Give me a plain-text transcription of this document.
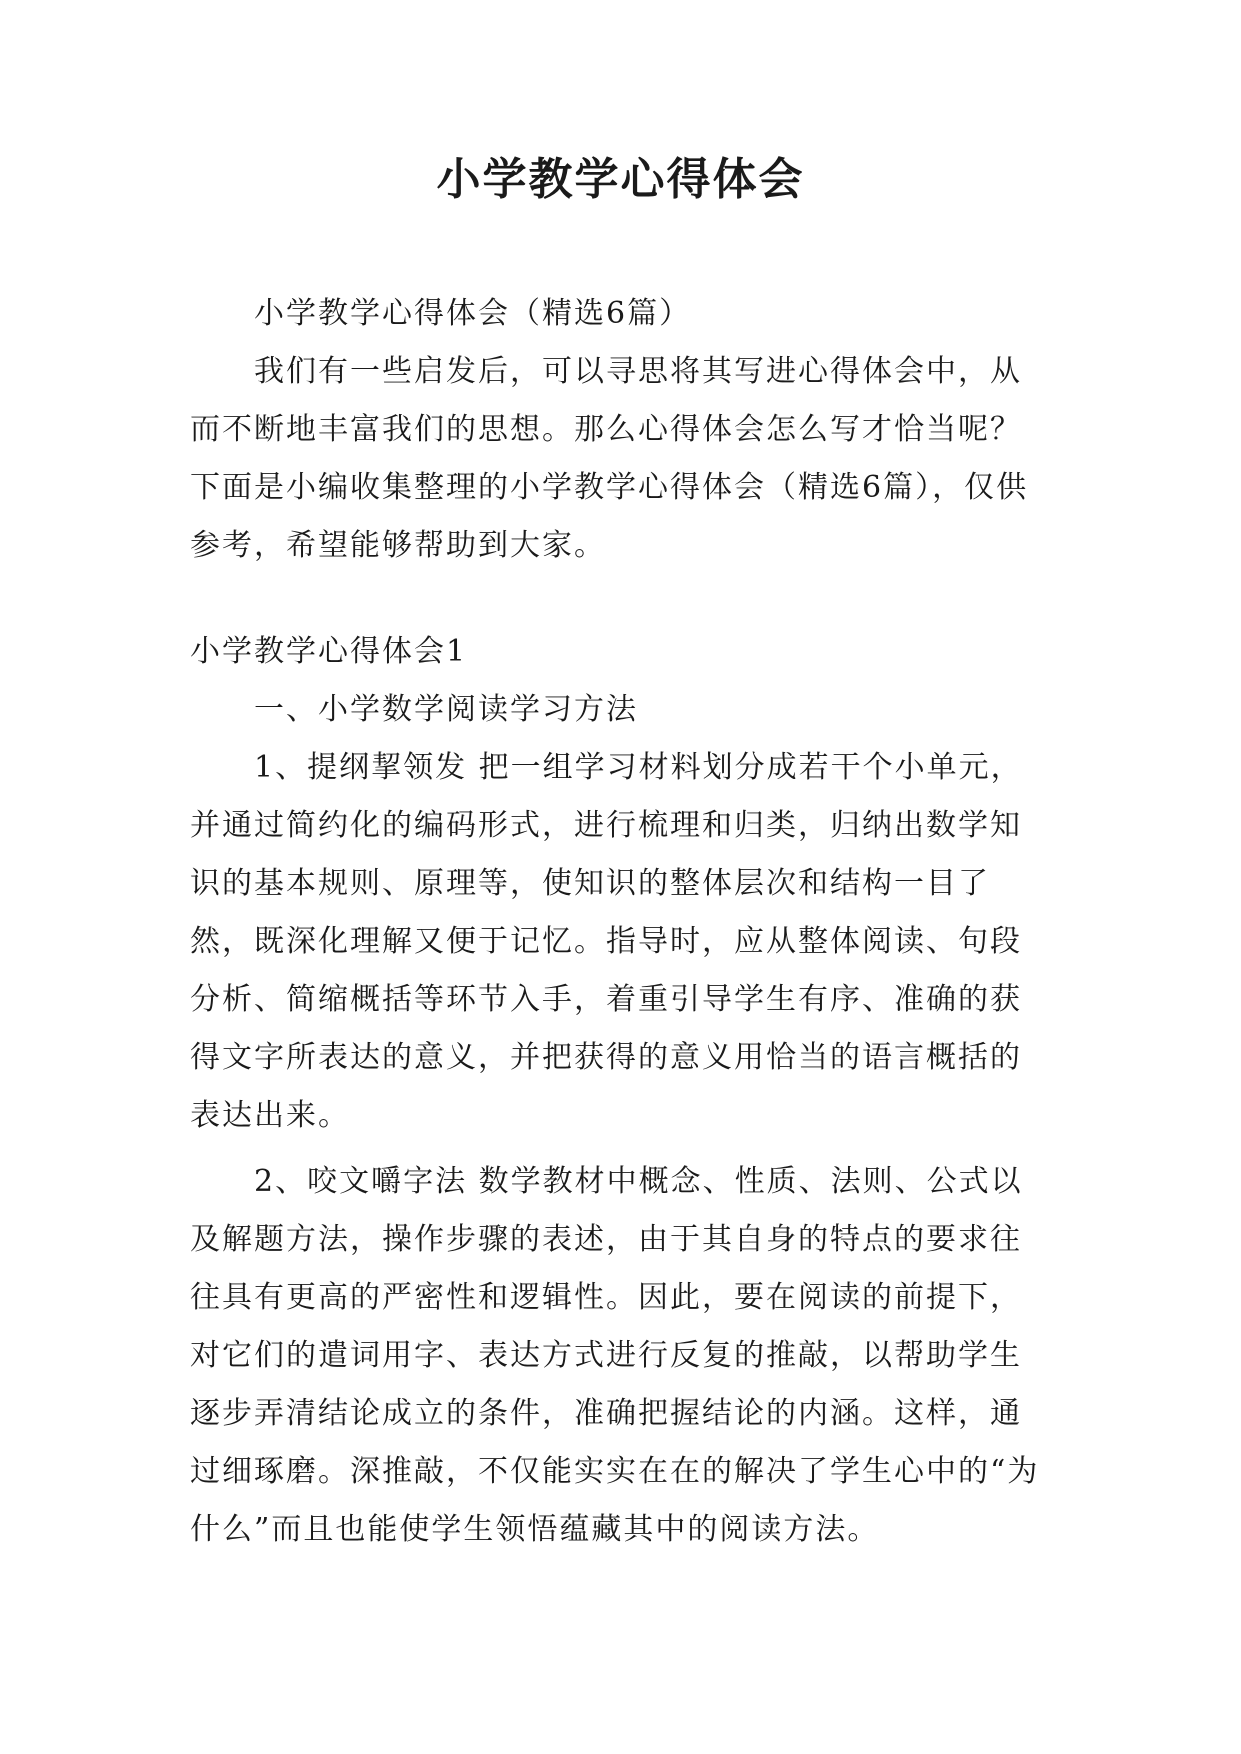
小学教学心得体会

小学教学心得体会（精选6篇）

我们有一些启发后，可以寻思将其写进心得体会中，从而不断地丰富我们的思想。那么心得体会怎么写才恰当呢？下面是小编收集整理的小学教学心得体会（精选6篇），仅供参考，希望能够帮助到大家。

小学教学心得体会1

一、小学数学阅读学习方法

1、提纲挈领发 把一组学习材料划分成若干个小单元，并通过简约化的编码形式，进行梳理和归类，归纳出数学知识的基本规则、原理等，使知识的整体层次和结构一目了然，既深化理解又便于记忆。指导时，应从整体阅读、句段分析、简缩概括等环节入手，着重引导学生有序、准确的获得文字所表达的意义，并把获得的意义用恰当的语言概括的表达出来。

2、咬文嚼字法 数学教材中概念、性质、法则、公式以及解题方法，操作步骤的表述，由于其自身的特点的要求往往具有更高的严密性和逻辑性。因此，要在阅读的前提下，对它们的遣词用字、表达方式进行反复的推敲，以帮助学生逐步弄清结论成立的条件，准确把握结论的内涵。这样，通过细琢磨。深推敲，不仅能实实在在的解决了学生心中的“为什么”而且也能使学生领悟蕴藏其中的阅读方法。
